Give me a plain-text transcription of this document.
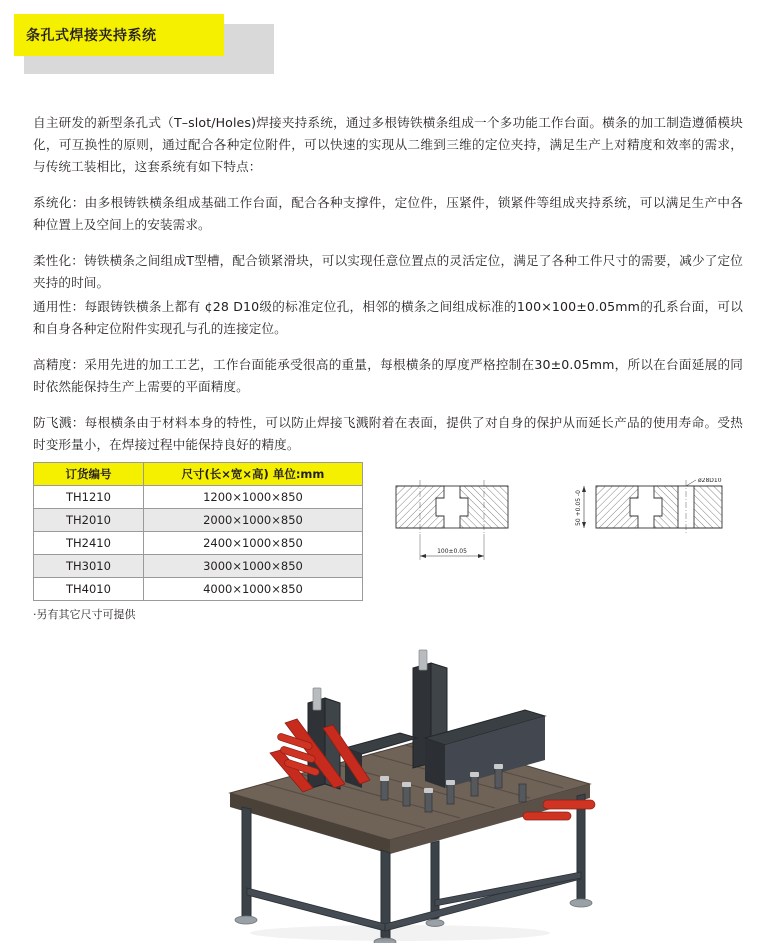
条孔式焊接夹持系统

自主研发的新型条孔式（T–slot/Holes)焊接夹持系统，通过多根铸铁横条组成一个多功能工作台面。横条的加工制造遵循模块化，可互换性的原则，通过配合各种定位附件，可以快速的实现从二维到三维的定位夹持，满足生产上对精度和效率的需求，与传统工装相比，这套系统有如下特点：

系统化：由多根铸铁横条组成基础工作台面，配合各种支撑件，定位件，压紧件，锁紧件等组成夹持系统，可以满足生产中各种位置上及空间上的安装需求。

柔性化：铸铁横条之间组成T型槽，配合锁紧滑块，可以实现任意位置点的灵活定位，满足了各种工件尺寸的需要，减少了定位夹持的时间。

通用性：每跟铸铁横条上都有 ¢28 D10级的标准定位孔，相邻的横条之间组成标准的100×100±0.05mm的孔系台面，可以和自身各种定位附件实现孔与孔的连接定位。

高精度：采用先进的加工工艺，工作台面能承受很高的重量，每根横条的厚度严格控制在30±0.05mm，所以在台面延展的同时依然能保持生产上需要的平面精度。

防飞溅：每根横条由于材料本身的特性，可以防止焊接飞溅附着在表面，提供了对自身的保护从而延长产品的使用寿命。受热时变形量小，在焊接过程中能保持良好的精度。

订货编号	尺寸(长×宽×高) 单位:mm
TH1210	1200×1000×850
TH2010	2000×1000×850
TH2410	2400×1000×850
TH3010	3000×1000×850
TH4010	4000×1000×850
·另有其它尺寸可提供
100±0.05
ø28D10
50 +0.05 -0
